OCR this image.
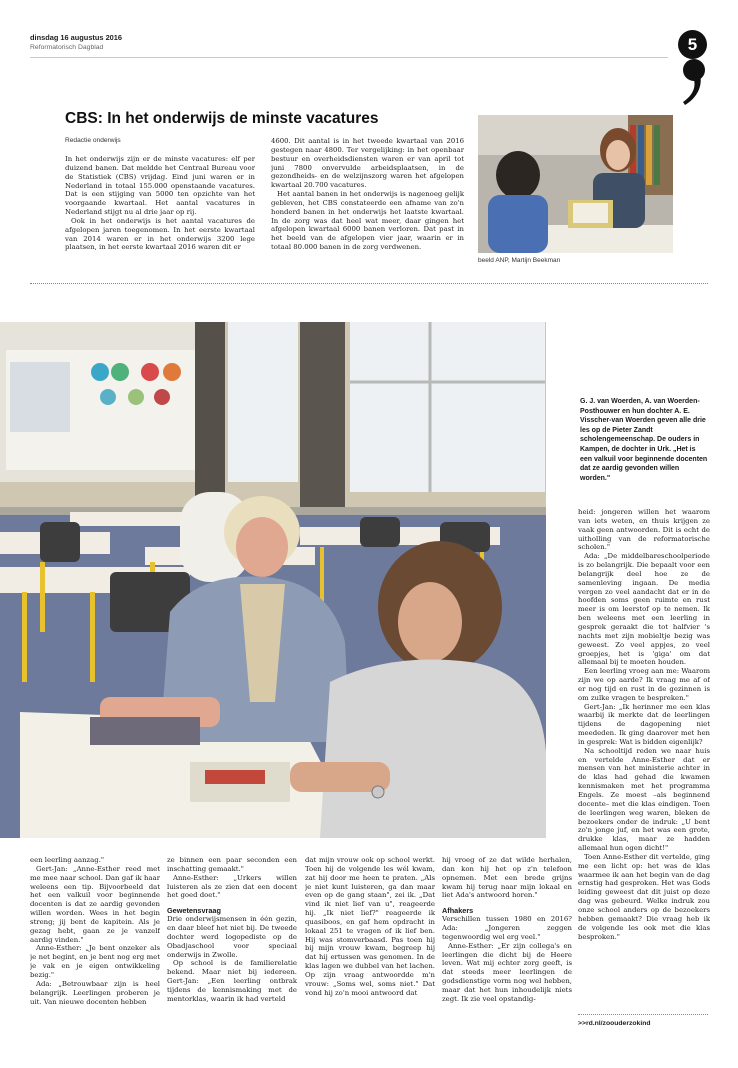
dinsdag 16 augustus 2016
Reformatorisch Dagblad	5
CBS: In het onderwijs de minste vacatures
Redactie onderwijs

In het onderwijs zijn er de minste vacatures: elf per duizend banen. Dat meldde het Centraal Bureau voor de Statistiek (CBS) vrijdag. Eind juni waren er in Nederland in totaal 155.000 openstaande vacatures. Dat is een stijging van 5000 ten opzichte van het voorgaande kwartaal. Het aantal vacatures in Nederland stijgt nu al drie jaar op rij.

Ook in het onderwijs is het aantal vacatures de afgelopen jaren toegenomen. In het eerste kwartaal van 2014 waren er in het onderwijs 3200 lege plaatsen, in het eerste kwartaal 2016 waren dit er

4600. Dit aantal is in het tweede kwartaal van 2016 gestegen naar 4800. Ter vergelijking: in het openbaar bestuur en overheidsdiensten waren er van april tot juni 7800 onvervulde arbeidsplaatsen, in de gezondheids- en de welzijnszorg waren het afgelopen kwartaal 20.700 vacatures.

Het aantal banen in het onderwijs is nagenoeg gelijk gebleven, het CBS constateerde een afname van zo'n honderd banen in het onderwijs het laatste kwartaal. In de zorg was dat heel wat meer, daar gingen het afgelopen kwartaal 6000 banen verloren. Dat past in het beeld van de afgelopen vier jaar, waarin er in totaal 80.000 banen in de zorg verdwenen.

beeld ANP, Martijn Beekman
G. J. van Woerden, A. van Woerden-Posthouwer en hun dochter A. E. Visscher-van Woerden geven alle drie les op de Pieter Zandt scholengemeenschap. De ouders in Kampen, de dochter in Urk. „Het is een valkuil voor beginnende docenten dat ze aardig gevonden willen worden."

heid: jongeren willen het waarom van iets weten, en thuis krijgen ze vaak geen antwoorden. Dit is echt de uitholling van de reformatorische scholen."

Ada: „De middelbareschoolperiode is zo belangrijk. Die bepaalt voor een belangrijk deel hoe ze de samenleving ingaan. De media vergen zo veel aandacht dat er in de hoofden soms geen ruimte en rust meer is om leerstof op te nemen. Ik ben weleens met een leerling in gesprek geraakt die tot halfvier 's nachts met zijn mobieltje bezig was geweest. Zo veel appjes, zo veel groepjes, het is 'giga' om dat allemaal bij te moeten houden.

Een leerling vroeg aan me: Waarom zijn we op aarde? Ik vraag me af of er nog tijd en rust in de gezinnen is om zulke vragen te bespreken."

Gert-Jan: „Ik herinner me een klas waarbij ik merkte dat de leerlingen tijdens de dagopening niet meededen. Ik ging daarover met hen in gesprek: Wat is bidden eigenlijk?

Na schooltijd reden we naar huis en vertelde Anne-Esther dat er mensen van het ministerie achter in de klas had gehad die kwamen kennismaken met het programma Engels. Ze moest –als beginnend docente– met die klas eindigen. Toen de leerlingen weg waren, bleken de bezoekers onder de indruk: „U bent zo'n jonge juf, en het was een grote, drukke klas, maar ze hadden allemaal hun ogen dicht!"

Toen Anne-Esther dit vertelde, ging me een licht op: het was de klas waarmee ik aan het begin van de dag ernstig had gesproken. Het was Gods leiding geweest dat dit juist op deze dag was gebeurd. Welke indruk zou onze school anders op de bezoekers hebben gemaakt? Die vraag heb ik de volgende les ook met die klas besproken."

>>rd.nl/zoouderzokind

een leerling aanzag."

Gert-Jan: „Anne-Esther reed met me mee naar school. Dan gaf ik haar weleens een tip. Bijvoorbeeld dat het een valkuil voor beginnende docenten is dat ze aardig gevonden willen worden. Wees in het begin streng; jij bent de kapitein. Als je gezag hebt, gaan ze je vanzelf aardig vinden."

Anne-Esther: „Je bent onzeker als je net begint, en je bent nog erg met je vak en je eigen ontwikkeling bezig."

Ada: „Betrouwbaar zijn is heel belangrijk. Leerlingen proberen je uit. Van nieuwe docenten hebben

ze binnen een paar seconden een inschatting gemaakt."

Anne-Esther: „Urkers willen luisteren als ze zien dat een docent het goed doet."

Gewetensvraag

Drie onderwijsmensen in één gezin, en daar bleef het niet bij. De tweede dochter werd logopediste op de Obadjaschool voor speciaal onderwijs in Zwolle.

Op school is de familierelatie bekend. Maar niet bij iedereen. Gert-Jan: „Een leerling ontbrak tijdens de kennismaking met de mentorklas, waarin ik had verteld

dat mijn vrouw ook op school werkt. Toen hij de volgende les wél kwam, zat hij door me heen te praten. „Als je niet kunt luisteren, ga dan maar even op de gang staan", zei ik. „Dat vind ik niet lief van u", reageerde hij. „Ik niet lief?" reageerde ik quasiboos, en gaf hem opdracht in lokaal 251 te vragen of ik lief ben. Hij was stomverbaasd. Pas toen hij bij mijn vrouw kwam, begreep hij dat hij ertussen was genomen. In de klas lagen we dubbel van het lachen. Op zijn vraag antwoordde m'n vrouw: „Soms wel, soms niet." Dat vond hij zo'n mooi antwoord dat

hij vroeg of ze dat wilde herhalen, dan kon hij het op z'n telefoon opnemen. Met een brede grijns kwam hij terug naar mijn lokaal en liet Ada's antwoord horen."

Afhakers

Verschillen tussen 1980 en 2016? Ada: „Jongeren zeggen tegenwoordig wel erg veel."

Anne-Esther: „Er zijn collega's en leerlingen die dicht bij de Heere leven. Wat mij echter zorg geeft, is dat steeds meer leerlingen de godsdienstige vorm nog wel hebben, maar dat het hun inhoudelijk niets zegt. Ik zie veel opstandig-
